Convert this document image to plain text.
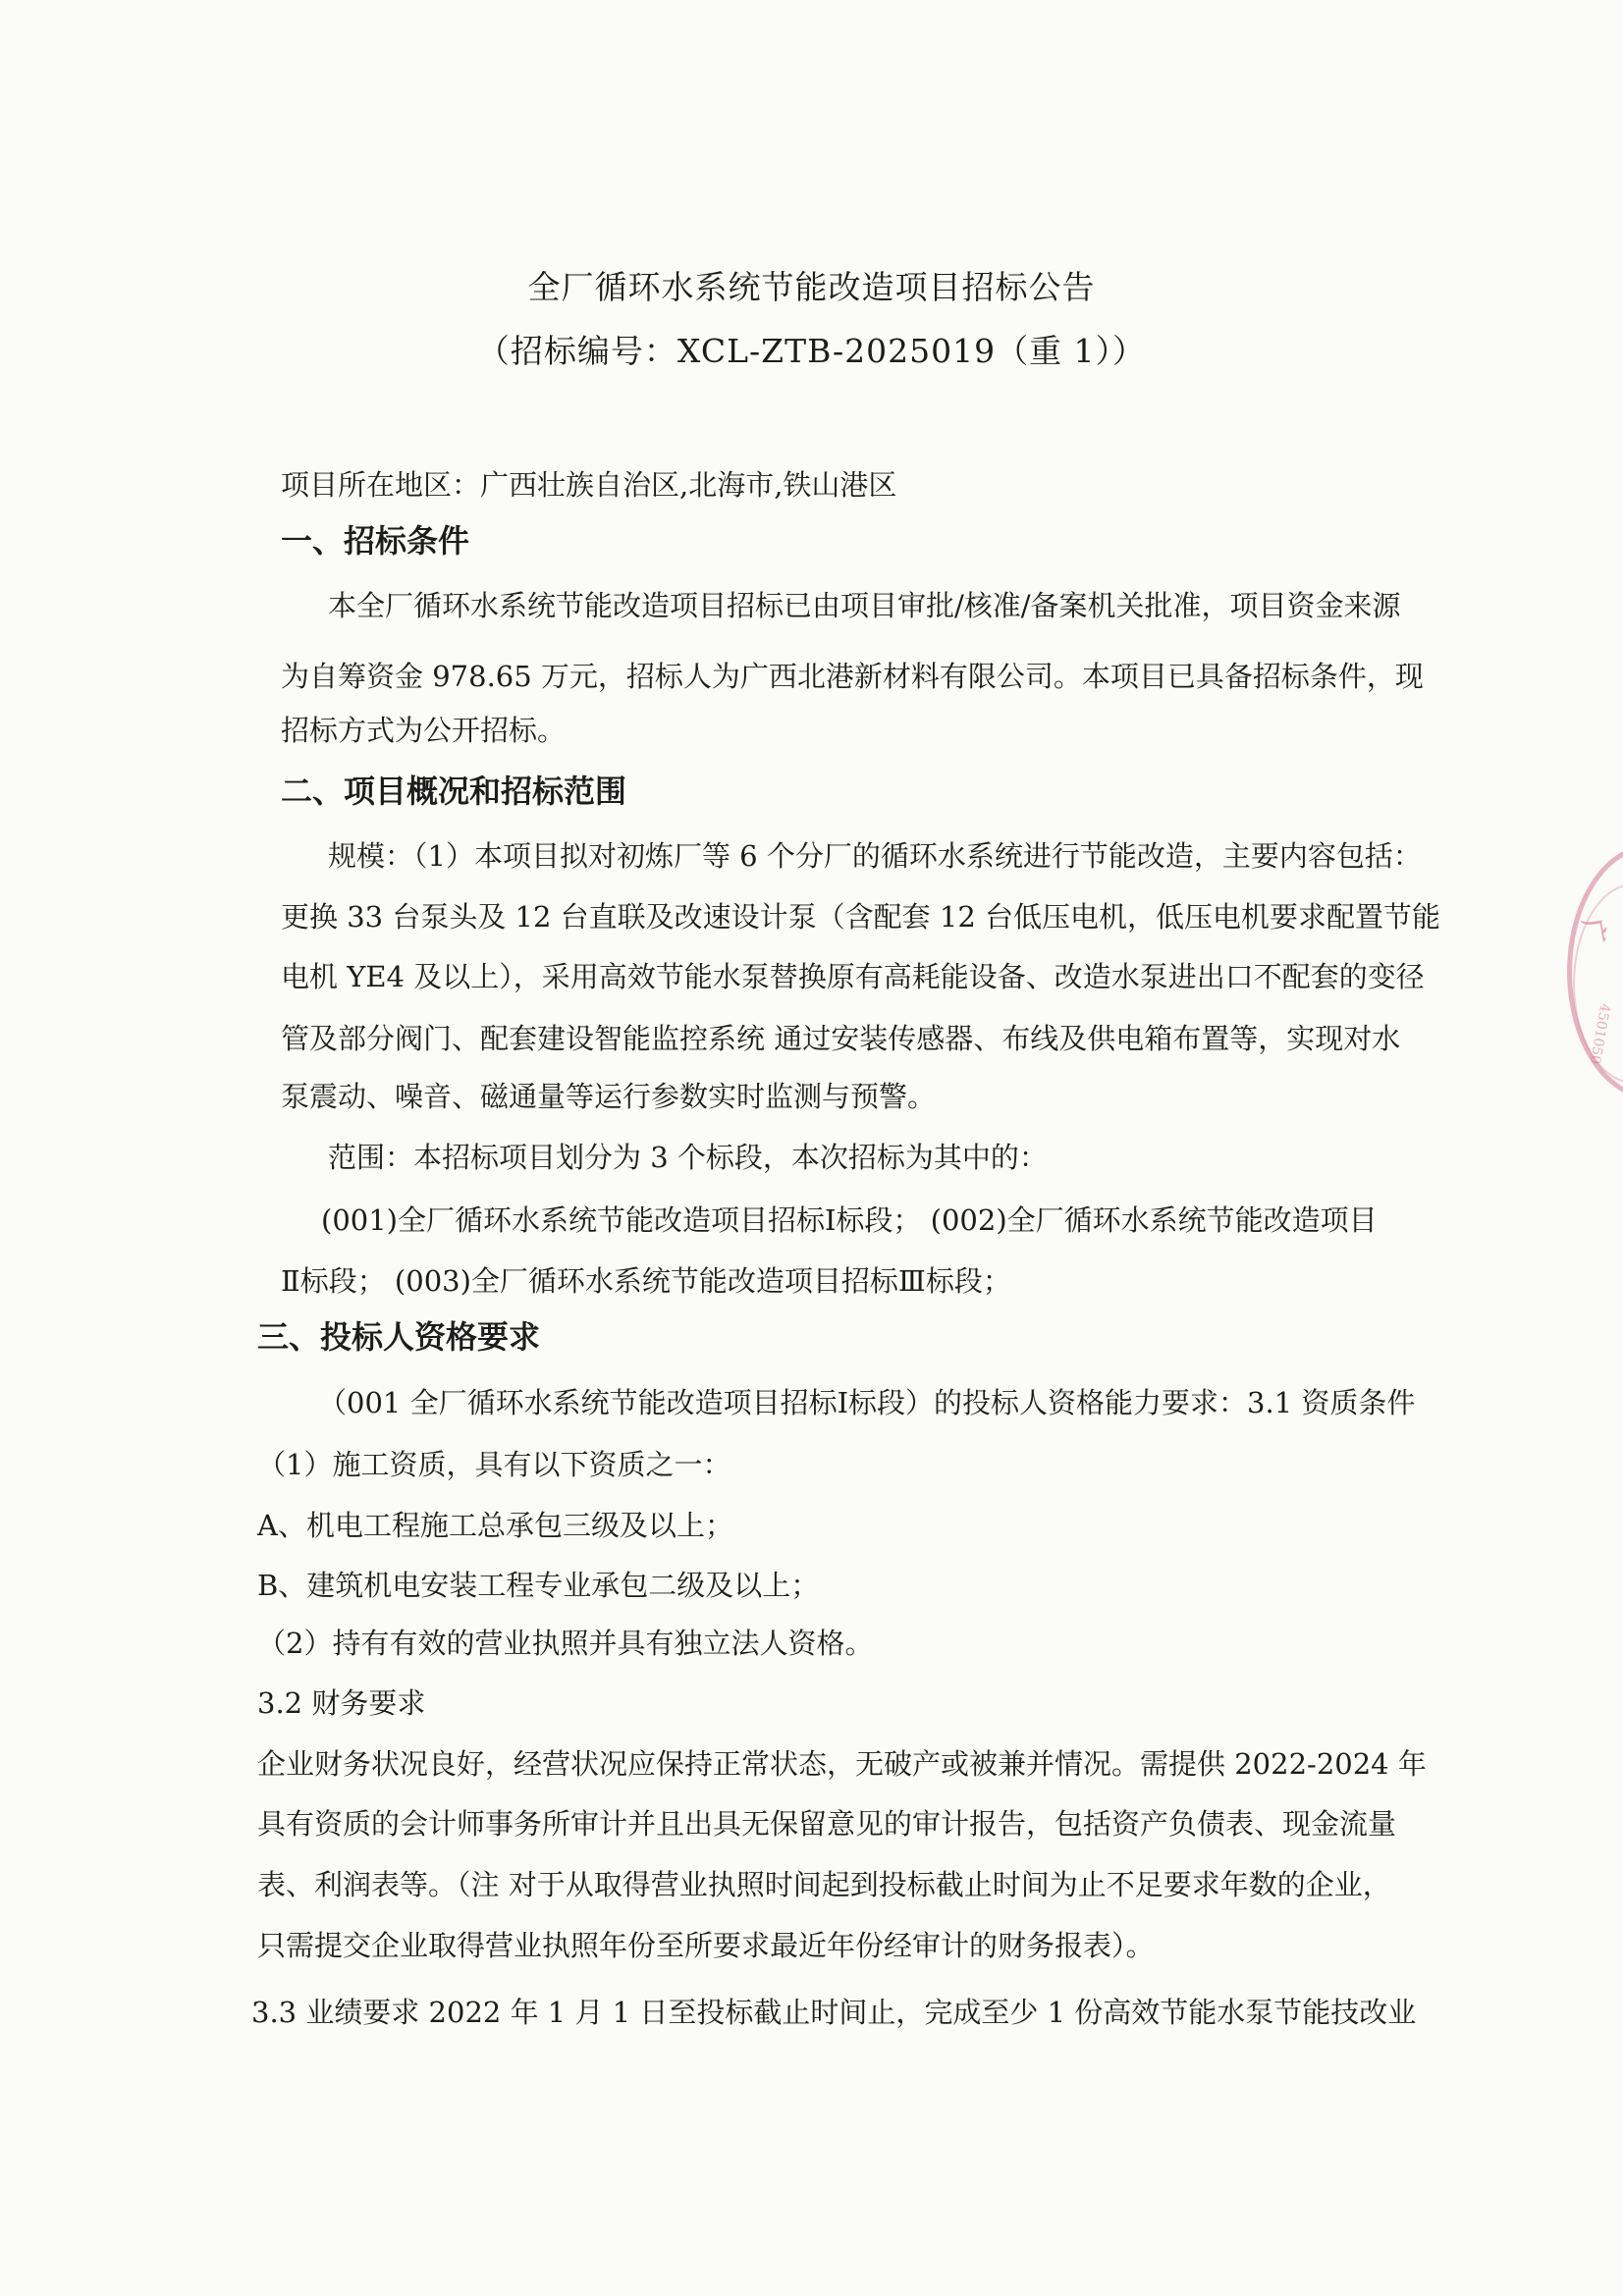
全厂循环水系统节能改造项目招标公告
（招标编号：XCL-ZTB-2025019（重 1））
项目所在地区：广西壮族自治区,北海市,铁山港区
一、招标条件
本全厂循环水系统节能改造项目招标已由项目审批/核准/备案机关批准，项目资金来源
为自筹资金 978.65 万元，招标人为广西北港新材料有限公司。本项目已具备招标条件，现
招标方式为公开招标。
二、项目概况和招标范围
规模：（1）本项目拟对初炼厂等 6 个分厂的循环水系统进行节能改造，主要内容包括：
更换 33 台泵头及 12 台直联及改速设计泵（含配套 12 台低压电机，低压电机要求配置节能
电机 YE4 及以上），采用高效节能水泵替换原有高耗能设备、改造水泵进出口不配套的变径
管及部分阀门、配套建设智能监控系统 通过安装传感器、布线及供电箱布置等，实现对水
泵震动、噪音、磁通量等运行参数实时监测与预警。
范围：本招标项目划分为 3 个标段，本次招标为其中的：
(001)全厂循环水系统节能改造项目招标Ⅰ标段； (002)全厂循环水系统节能改造项目
Ⅱ标段； (003)全厂循环水系统节能改造项目招标Ⅲ标段；
三、投标人资格要求
（001 全厂循环水系统节能改造项目招标Ⅰ标段）的投标人资格能力要求：3.1 资质条件
（1）施工资质，具有以下资质之一：
A、机电工程施工总承包三级及以上；
B、建筑机电安装工程专业承包二级及以上；
（2）持有有效的营业执照并具有独立法人资格。
3.2 财务要求
企业财务状况良好，经营状况应保持正常状态，无破产或被兼并情况。需提供 2022-2024 年
具有资质的会计师事务所审计并且出具无保留意见的审计报告，包括资产负债表、现金流量
表、利润表等。（注 对于从取得营业执照时间起到投标截止时间为止不足要求年数的企业，
只需提交企业取得营业执照年份至所要求最近年份经审计的财务报表）。
3.3 业绩要求 2022 年 1 月 1 日至投标截止时间止，完成至少 1 份高效节能水泵节能技改业
广
4501050
